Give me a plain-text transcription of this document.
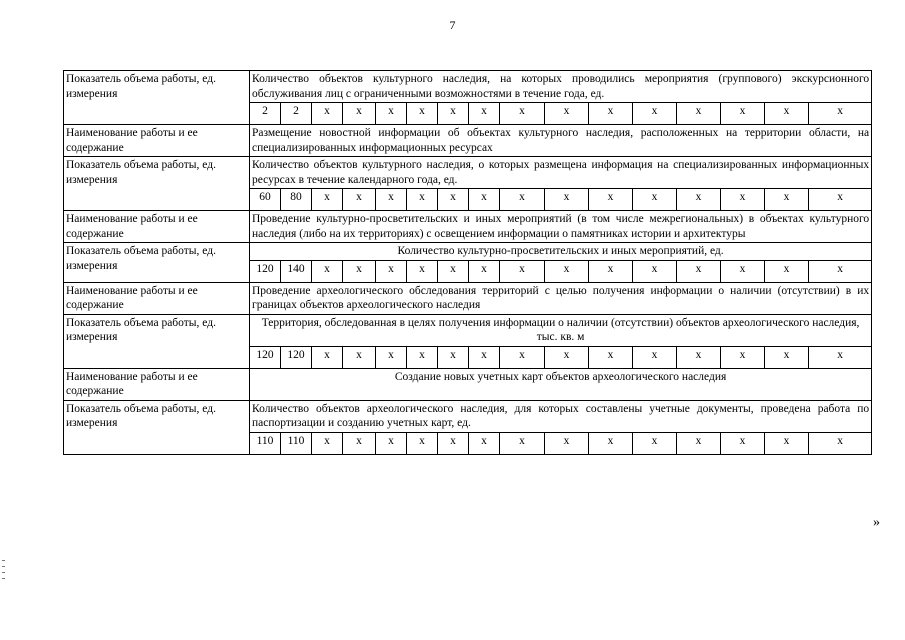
7
Показатель объема работы, ед. измерения	Количество объектов культурного наследия, на которых проводились мероприятия (группового) экскурсионного обслуживания лиц с ограниченными возможностями в течение года, ед.															
	2	2	x	x	x	x	x	x	x	x	x	x	x	x	x	x
Наименование работы и ее содержание	Размещение новостной информации об объектах культурного наследия, расположенных на территории области, на специализированных информационных ресурсах															
Показатель объема работы, ед. измерения	Количество объектов культурного наследия, о которых размещена информация на специализированных информационных ресурсах в течение календарного года, ед.															
	60	80	x	x	x	x	x	x	x	x	x	x	x	x	x	x
Наименование работы и ее содержание	Проведение культурно-просветительских и иных мероприятий (в том числе межрегиональных) в объектах культурного наследия (либо на их территориях) с освещением информации о памятниках истории и архитектуры															
Показатель объема работы, ед. измерения	Количество культурно-просветительских и иных мероприятий, ед.															
	120	140	x	x	x	x	x	x	x	x	x	x	x	x	x	x
Наименование работы и ее содержание	Проведение археологического обследования территорий с целью получения информации о наличии (отсутствии) в их границах объектов археологического наследия															
Показатель объема работы, ед. измерения	Территория, обследованная в целях получения информации о наличии (отсутствии) объектов археологического наследия, тыс. кв. м															
	120	120	x	x	x	x	x	x	x	x	x	x	x	x	x	x
Наименование работы и ее содержание	Создание новых учетных карт объектов археологического наследия															
Показатель объема работы, ед. измерения	Количество объектов археологического наследия, для которых составлены учетные документы, проведена работа по паспортизации и созданию учетных карт, ед.															
	110	110	x	x	x	x	x	x	x	x	x	x	x	x	x	x
»
